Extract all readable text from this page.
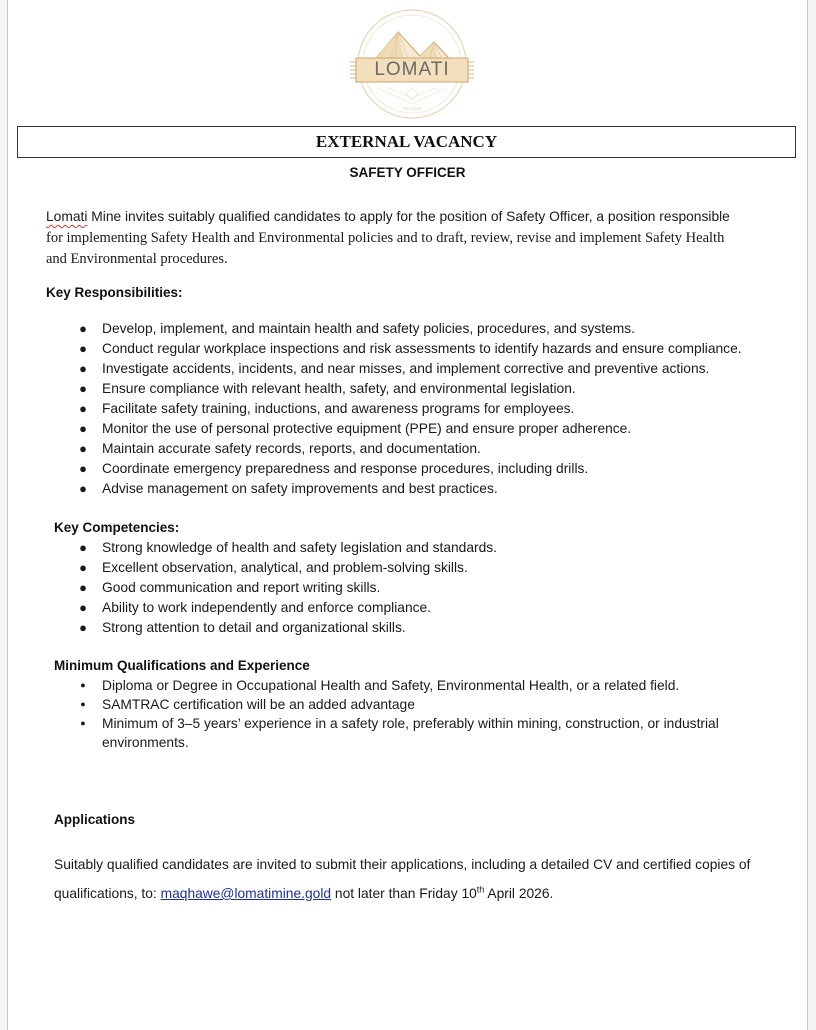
LOMATI
EST 2015
EXTERNAL VACANCY
SAFETY OFFICER
Lomati Mine invites suitably qualified candidates to apply for the position of Safety Officer, a position responsible
for implementing Safety Health and Environmental policies and to draft, review, revise and implement Safety Health
and Environmental procedures.
Key Responsibilities:
● Develop, implement, and maintain health and safety policies, procedures, and systems.
● Conduct regular workplace inspections and risk assessments to identify hazards and ensure compliance.
● Investigate accidents, incidents, and near misses, and implement corrective and preventive actions.
● Ensure compliance with relevant health, safety, and environmental legislation.
● Facilitate safety training, inductions, and awareness programs for employees.
● Monitor the use of personal protective equipment (PPE) and ensure proper adherence.
● Maintain accurate safety records, reports, and documentation.
● Coordinate emergency preparedness and response procedures, including drills.
● Advise management on safety improvements and best practices.
Key Competencies:
● Strong knowledge of health and safety legislation and standards.
● Excellent observation, analytical, and problem-solving skills.
● Good communication and report writing skills.
● Ability to work independently and enforce compliance.
● Strong attention to detail and organizational skills.
Minimum Qualifications and Experience
● Diploma or Degree in Occupational Health and Safety, Environmental Health, or a related field.
● SAMTRAC certification will be an added advantage
● Minimum of 3–5 years’ experience in a safety role, preferably within mining, construction, or industrial environments.
Applications
Suitably qualified candidates are invited to submit their applications, including a detailed CV and certified copies of qualifications, to: maqhawe@lomatimine.gold not later than Friday 10th April 2026.
